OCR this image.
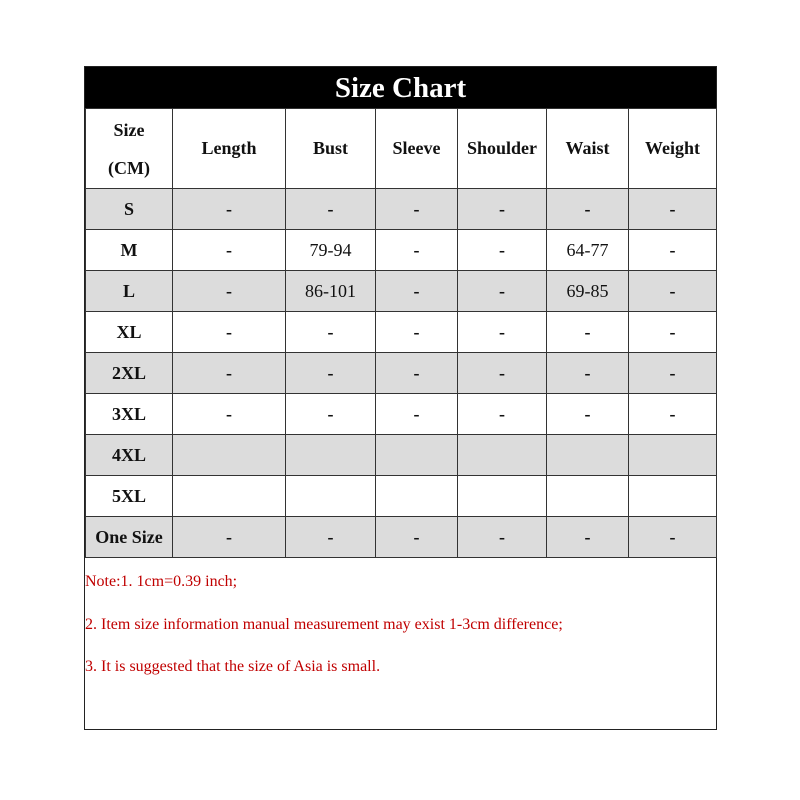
Size Chart
Size
(CM)	Length	Bust	Sleeve	Shoulder	Waist	Weight
S	-	-	-	-	-	-
M	-	79-94	-	-	64-77	-
L	-	86-101	-	-	69-85	-
XL	-	-	-	-	-	-
2XL	-	-	-	-	-	-
3XL	-	-	-	-	-	-
4XL						
5XL						
One Size	-	-	-	-	-	-
Note:1. 1cm=0.39 inch;
2. Item size information manual measurement may exist 1-3cm difference;
3. It is suggested that the size of Asia is small.
